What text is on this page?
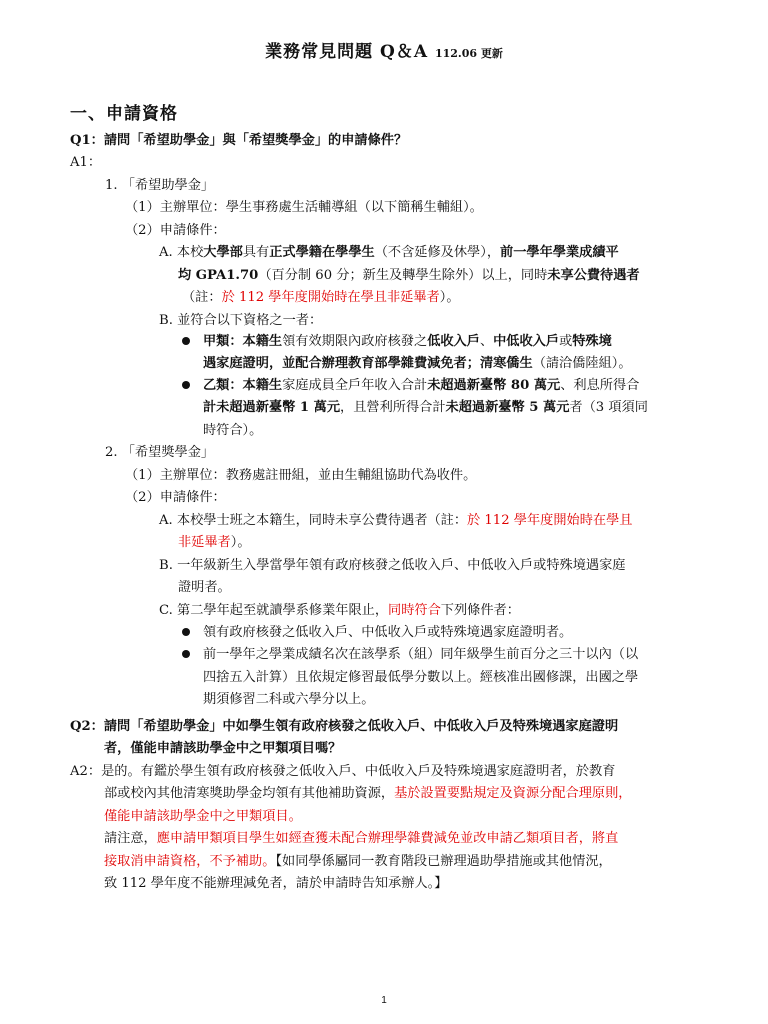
業務常見問題 Q＆A 112.06 更新
一、申請資格
Q1：請問「希望助學金」與「希望獎學金」的申請條件？
A1：
1. 「希望助學金」
（1）主辦單位：學生事務處生活輔導組（以下簡稱生輔組）。
（2）申請條件：
A. 本校大學部具有正式學籍在學學生（不含延修及休學），前一學年學業成績平
均 GPA1.70（百分制 60 分；新生及轉學生除外）以上，同時未享公費待遇者
（註：於 112 學年度開始時在學且非延畢者）。
B. 並符合以下資格之一者：
甲類：本籍生領有效期限內政府核發之低收入戶、中低收入戶或特殊境
遇家庭證明，並配合辦理教育部學雜費減免者；清寒僑生（請洽僑陸組）。
乙類：本籍生家庭成員全戶年收入合計未超過新臺幣 80 萬元、利息所得合
計未超過新臺幣 1 萬元，且營利所得合計未超過新臺幣 5 萬元者（3 項須同
時符合）。
2. 「希望獎學金」
（1）主辦單位：教務處註冊組，並由生輔組協助代為收件。
（2）申請條件：
A. 本校學士班之本籍生，同時未享公費待遇者（註：於 112 學年度開始時在學且
非延畢者）。
B. 一年級新生入學當學年領有政府核發之低收入戶、中低收入戶或特殊境遇家庭
證明者。
C. 第二學年起至就讀學系修業年限止，同時符合下列條件者：
領有政府核發之低收入戶、中低收入戶或特殊境遇家庭證明者。
前一學年之學業成績名次在該學系（組）同年級學生前百分之三十以內（以
四捨五入計算）且依規定修習最低學分數以上。經核准出國修課，出國之學
期須修習二科或六學分以上。
Q2：請問「希望助學金」中如學生領有政府核發之低收入戶、中低收入戶及特殊境遇家庭證明
者，僅能申請該助學金中之甲類項目嗎？
A2：是的。有鑑於學生領有政府核發之低收入戶、中低收入戶及特殊境遇家庭證明者，於教育
部或校內其他清寒獎助學金均領有其他補助資源，基於設置要點規定及資源分配合理原則，
僅能申請該助學金中之甲類項目。
請注意，應申請甲類項目學生如經查獲未配合辦理學雜費減免並改申請乙類項目者，將直
接取消申請資格，不予補助。【如同學係屬同一教育階段已辦理過助學措施或其他情況，
致 112 學年度不能辦理減免者，請於申請時告知承辦人。】
1
